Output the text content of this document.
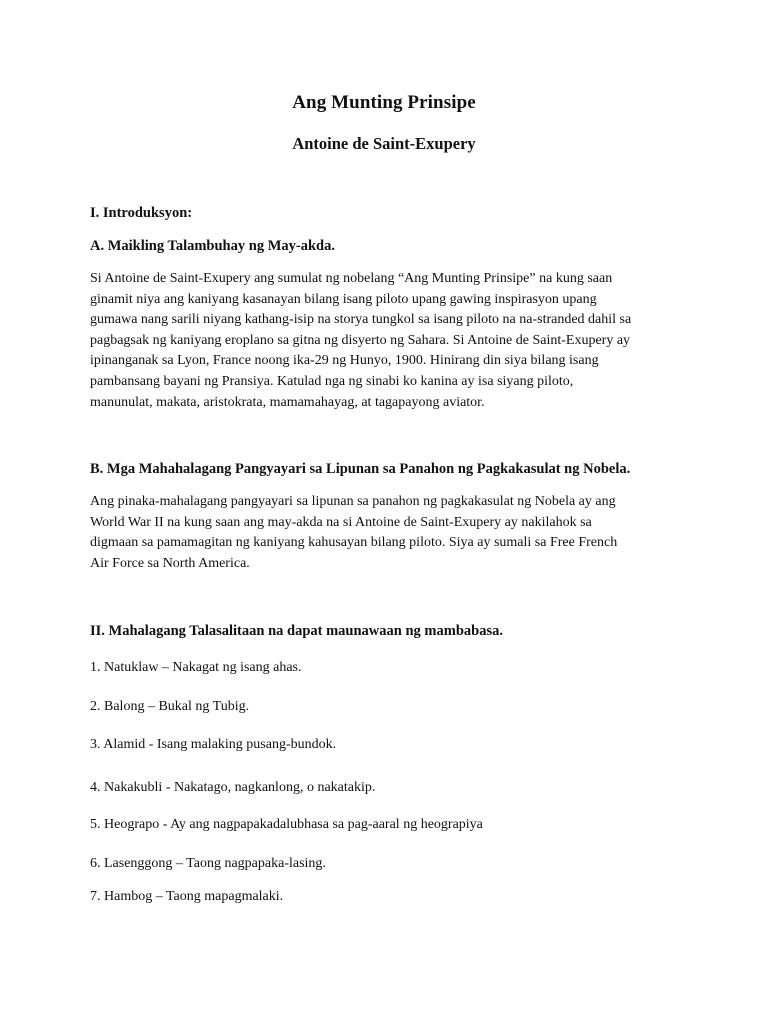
Ang Munting Prinsipe
Antoine de Saint-Exupery

I. Introduksyon:

A. Maikling Talambuhay ng May-akda.

Si Antoine de Saint-Exupery ang sumulat ng nobelang “Ang Munting Prinsipe” na kung saan
ginamit niya ang kaniyang kasanayan bilang isang piloto upang gawing inspirasyon upang
gumawa nang sarili niyang kathang-isip na storya tungkol sa isang piloto na na-stranded dahil sa
pagbagsak ng kaniyang eroplano sa gitna ng disyerto ng Sahara. Si Antoine de Saint-Exupery ay
ipinanganak sa Lyon, France noong ika-29 ng Hunyo, 1900. Hinirang din siya bilang isang
pambansang bayani ng Pransiya. Katulad nga ng sinabi ko kanina ay isa siyang piloto,
manunulat, makata, aristokrata, mamamahayag, at tagapayong aviator.

B. Mga Mahahalagang Pangyayari sa Lipunan sa Panahon ng Pagkakasulat ng Nobela.

Ang pinaka-mahalagang pangyayari sa lipunan sa panahon ng pagkakasulat ng Nobela ay ang
World War II na kung saan ang may-akda na si Antoine de Saint-Exupery ay nakilahok sa
digmaan sa pamamagitan ng kaniyang kahusayan bilang piloto. Siya ay sumali sa Free French
Air Force sa North America.

II. Mahalagang Talasalitaan na dapat maunawaan ng mambabasa.

1. Natuklaw – Nakagat ng isang ahas.

2. Balong – Bukal ng Tubig.

3. Alamid - Isang malaking pusang-bundok.

4. Nakakubli - Nakatago, nagkanlong, o nakatakip.

5. Heograpo - Ay ang nagpapakadalubhasa sa pag-aaral ng heograpiya

6. Lasenggong – Taong nagpapaka-lasing.

7. Hambog – Taong mapagmalaki.
